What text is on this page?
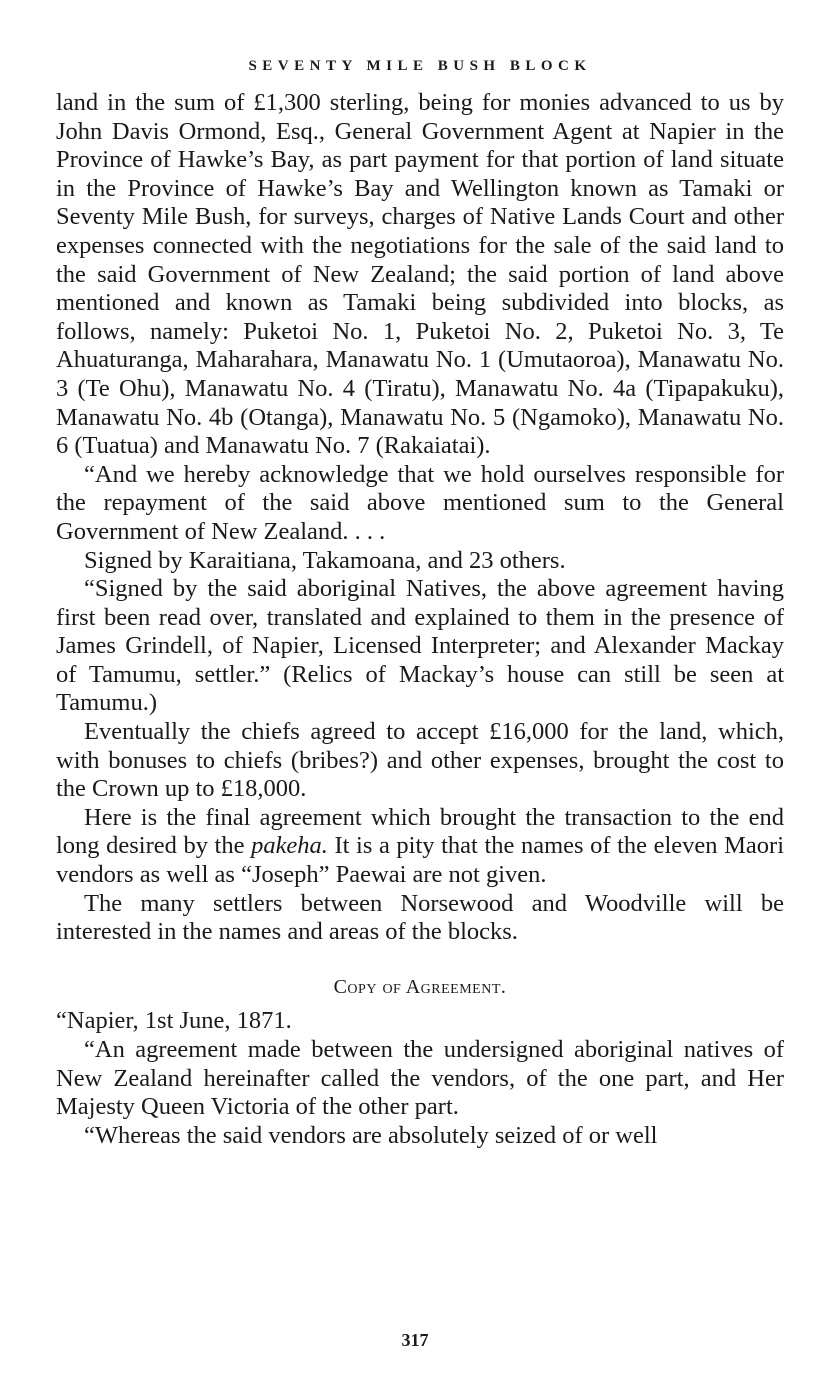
SEVENTY MILE BUSH BLOCK

land in the sum of £1,300 sterling, being for monies advanced to us by John Davis Ormond, Esq., General Government Agent at Napier in the Province of Hawke’s Bay, as part payment for that portion of land situate in the Province of Hawke’s Bay and Wellington known as Tamaki or Seventy Mile Bush, for surveys, charges of Native Lands Court and other expenses connected with the negotiations for the sale of the said land to the said Government of New Zealand; the said portion of land above mentioned and known as Tamaki being subdivided into blocks, as follows, namely: Puketoi No. 1, Puketoi No. 2, Puketoi No. 3, Te Ahuaturanga, Maharahara, Manawatu No. 1 (Umutaoroa), Manawatu No. 3 (Te Ohu), Manawatu No. 4 (Tiratu), Manawatu No. 4a (Tipapakuku), Manawatu No. 4b (Otanga), Manawatu No. 5 (Ngamoko), Manawatu No. 6 (Tuatua) and Manawatu No. 7 (Rakaiatai).

“And we hereby acknowledge that we hold ourselves responsible for the repayment of the said above mentioned sum to the General Government of New Zealand. . . .

Signed by Karaitiana, Takamoana, and 23 others.

“Signed by the said aboriginal Natives, the above agreement having first been read over, translated and explained to them in the presence of James Grindell, of Napier, Licensed Interpreter; and Alexander Mackay of Tamumu, settler.” (Relics of Mackay’s house can still be seen at Tamumu.)

Eventually the chiefs agreed to accept £16,000 for the land, which, with bonuses to chiefs (bribes?) and other expenses, brought the cost to the Crown up to £18,000.

Here is the final agreement which brought the transaction to the end long desired by the pakeha. It is a pity that the names of the eleven Maori vendors as well as “Joseph” Paewai are not given.

The many settlers between Norsewood and Woodville will be interested in the names and areas of the blocks.

Copy of Agreement.

“Napier, 1st June, 1871.

“An agreement made between the undersigned aboriginal natives of New Zealand hereinafter called the vendors, of the one part, and Her Majesty Queen Victoria of the other part.

“Whereas the said vendors are absolutely seized of or well

317
